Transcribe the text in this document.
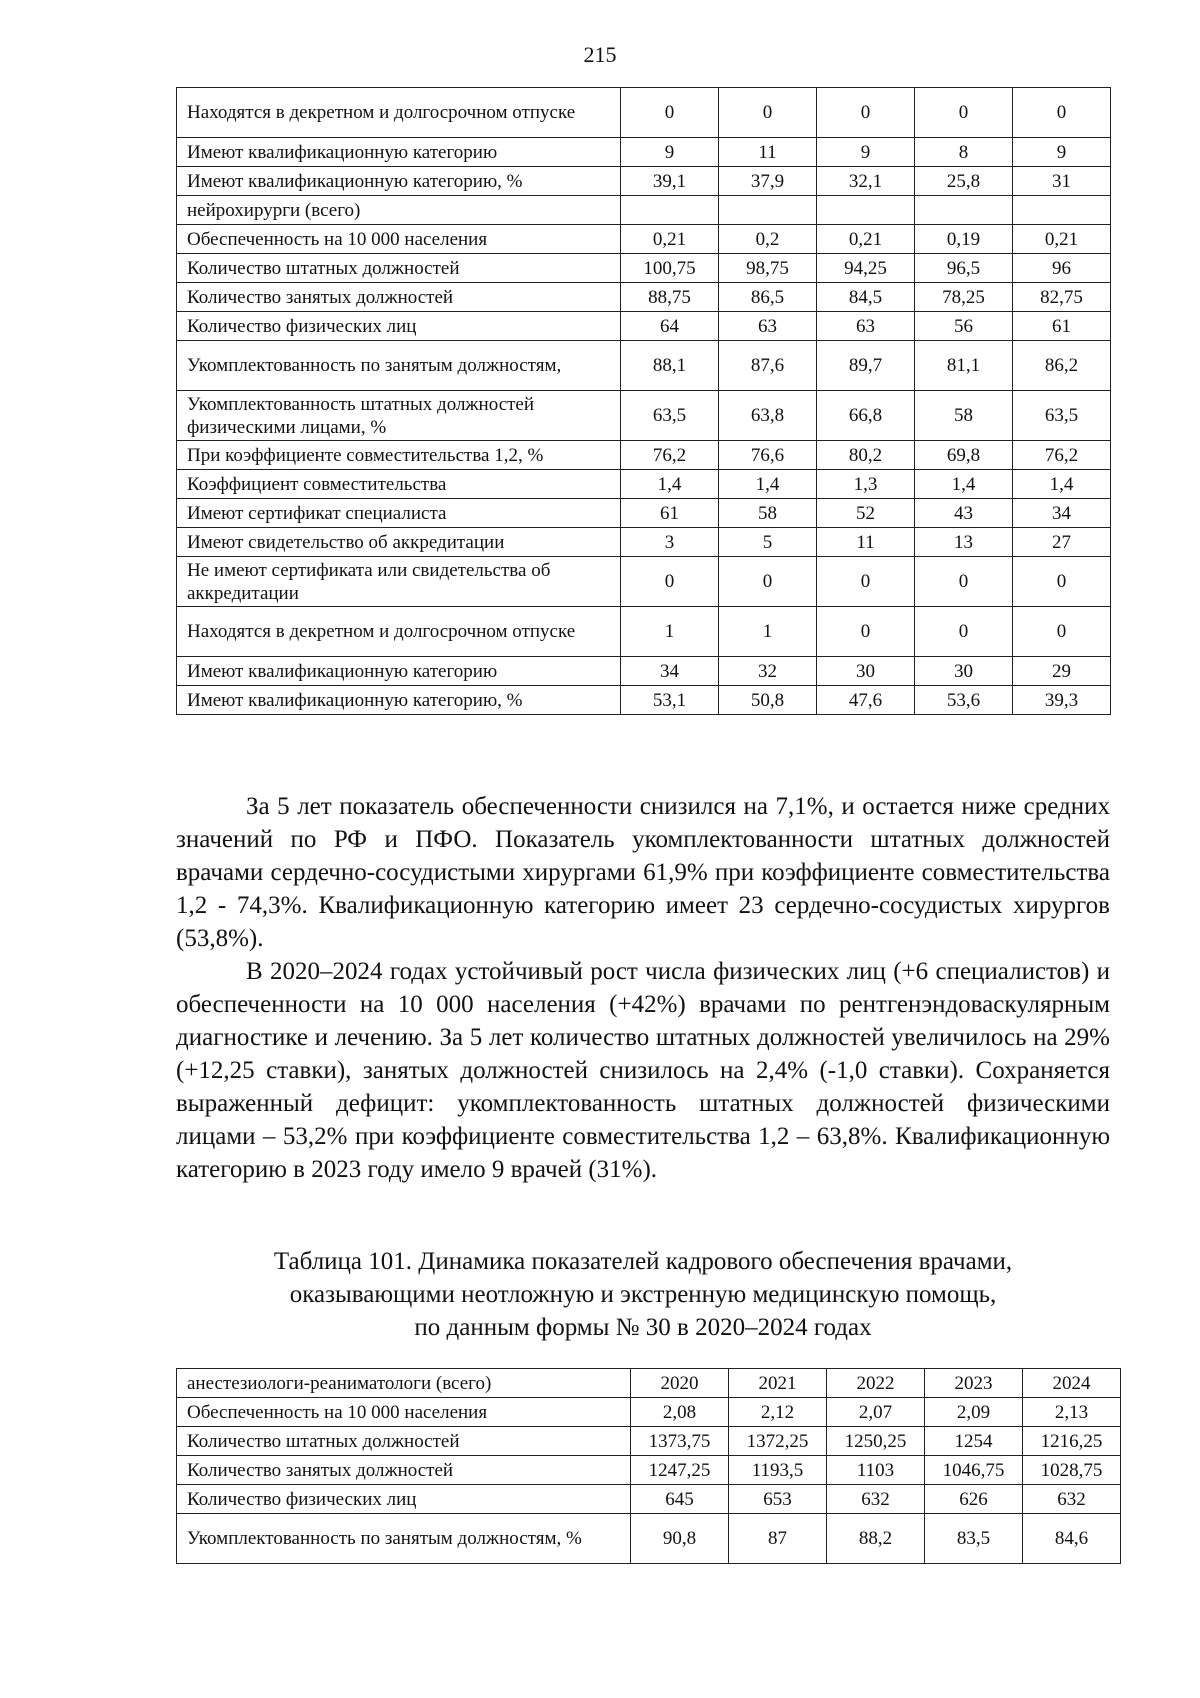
215
Находятся в декретном и долгосрочном отпуске	0	0	0	0	0
Имеют квалификационную категорию	9	11	9	8	9
Имеют квалификационную категорию, %	39,1	37,9	32,1	25,8	31
нейрохирурги (всего)					
Обеспеченность на 10 000 населения	0,21	0,2	0,21	0,19	0,21
Количество штатных должностей	100,75	98,75	94,25	96,5	96
Количество занятых должностей	88,75	86,5	84,5	78,25	82,75
Количество физических лиц	64	63	63	56	61
Укомплектованность по занятым должностям,	88,1	87,6	89,7	81,1	86,2
Укомплектованность штатных должностей физическими лицами, %	63,5	63,8	66,8	58	63,5
При коэффициенте совместительства 1,2, %	76,2	76,6	80,2	69,8	76,2
Коэффициент совместительства	1,4	1,4	1,3	1,4	1,4
Имеют сертификат специалиста	61	58	52	43	34
Имеют свидетельство об аккредитации	3	5	11	13	27
Не имеют сертификата или свидетельства об аккредитации	0	0	0	0	0
Находятся в декретном и долгосрочном отпуске	1	1	0	0	0
Имеют квалификационную категорию	34	32	30	30	29
Имеют квалификационную категорию, %	53,1	50,8	47,6	53,6	39,3

За 5 лет показатель обеспеченности снизился на 7,1%, и остается ниже средних значений по РФ и ПФО. Показатель укомплектованности штатных должностей врачами сердечно-сосудистыми хирургами 61,9% при коэффициенте совместительства 1,2 - 74,3%. Квалификационную категорию имеет 23 сердечно-сосудистых хирургов (53,8%).

В 2020–2024 годах устойчивый рост числа физических лиц (+6 специалистов) и обеспеченности на 10 000 населения (+42%) врачами по рентгенэндоваскулярным диагностике и лечению. За 5 лет количество штатных должностей увеличилось на 29% (+12,25 ставки), занятых должностей снизилось на 2,4% (-1,0 ставки). Сохраняется выраженный дефицит: укомплектованность штатных должностей физическими лицами – 53,2% при коэффициенте совместительства 1,2 – 63,8%. Квалификационную категорию в 2023 году имело 9 врачей (31%).

Таблица 101. Динамика показателей кадрового обеспечения врачами,
оказывающими неотложную и экстренную медицинскую помощь,
по данным формы № 30 в 2020–2024 годах
анестезиологи-реаниматологи (всего)	2020	2021	2022	2023	2024
Обеспеченность на 10 000 населения	2,08	2,12	2,07	2,09	2,13
Количество штатных должностей	1373,75	1372,25	1250,25	1254	1216,25
Количество занятых должностей	1247,25	1193,5	1103	1046,75	1028,75
Количество физических лиц	645	653	632	626	632
Укомплектованность по занятым должностям, %	90,8	87	88,2	83,5	84,6
